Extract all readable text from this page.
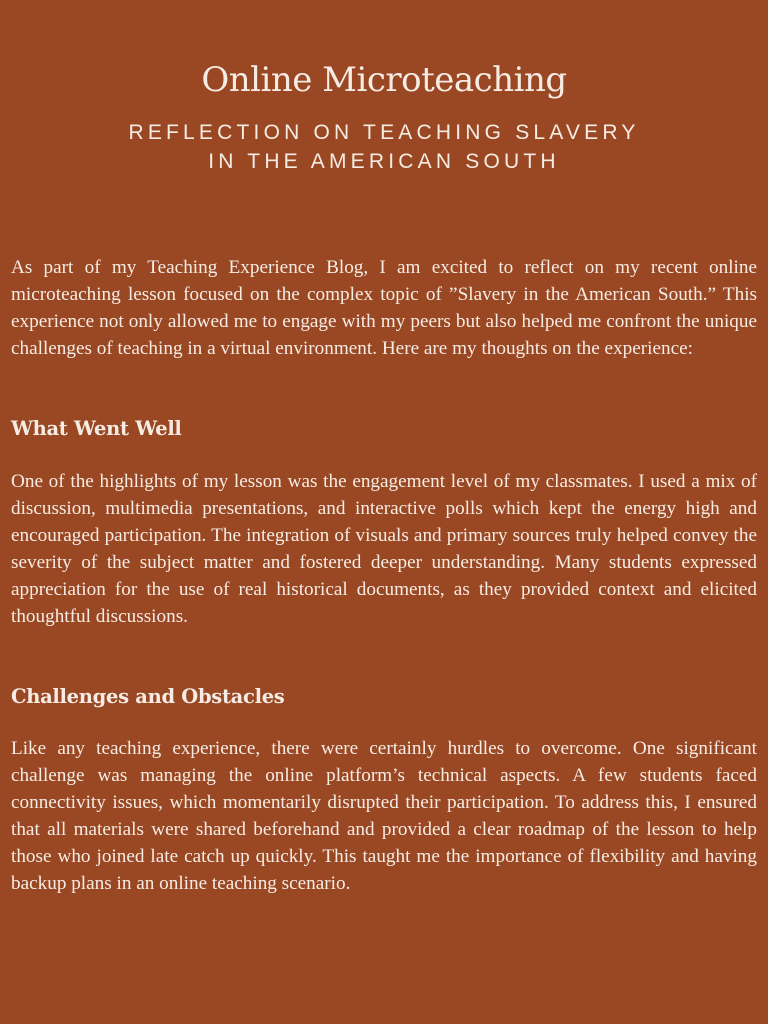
Online Microteaching
REFLECTION ON TEACHING SLAVERY IN THE AMERICAN SOUTH

As part of my Teaching Experience Blog, I am excited to reflect on my recent online microteaching lesson focused on the complex topic of ”Slavery in the American South.” This experience not only allowed me to engage with my peers but also helped me confront the unique challenges of teaching in a virtual environment. Here are my thoughts on the experience:

What Went Well

One of the highlights of my lesson was the engagement level of my classmates. I used a mix of discussion, multimedia presentations, and interactive polls which kept the energy high and encouraged participation. The integration of visuals and primary sources truly helped convey the severity of the subject matter and fostered deeper understanding. Many students expressed appreciation for the use of real historical documents, as they provided context and elicited thoughtful discussions.

Challenges and Obstacles

Like any teaching experience, there were certainly hurdles to overcome. One significant challenge was managing the online platform’s technical aspects. A few students faced connectivity issues, which momentarily disrupted their participation. To address this, I ensured that all materials were shared beforehand and provided a clear roadmap of the lesson to help those who joined late catch up quickly. This taught me the importance of flexibility and having backup plans in an online teaching scenario.
